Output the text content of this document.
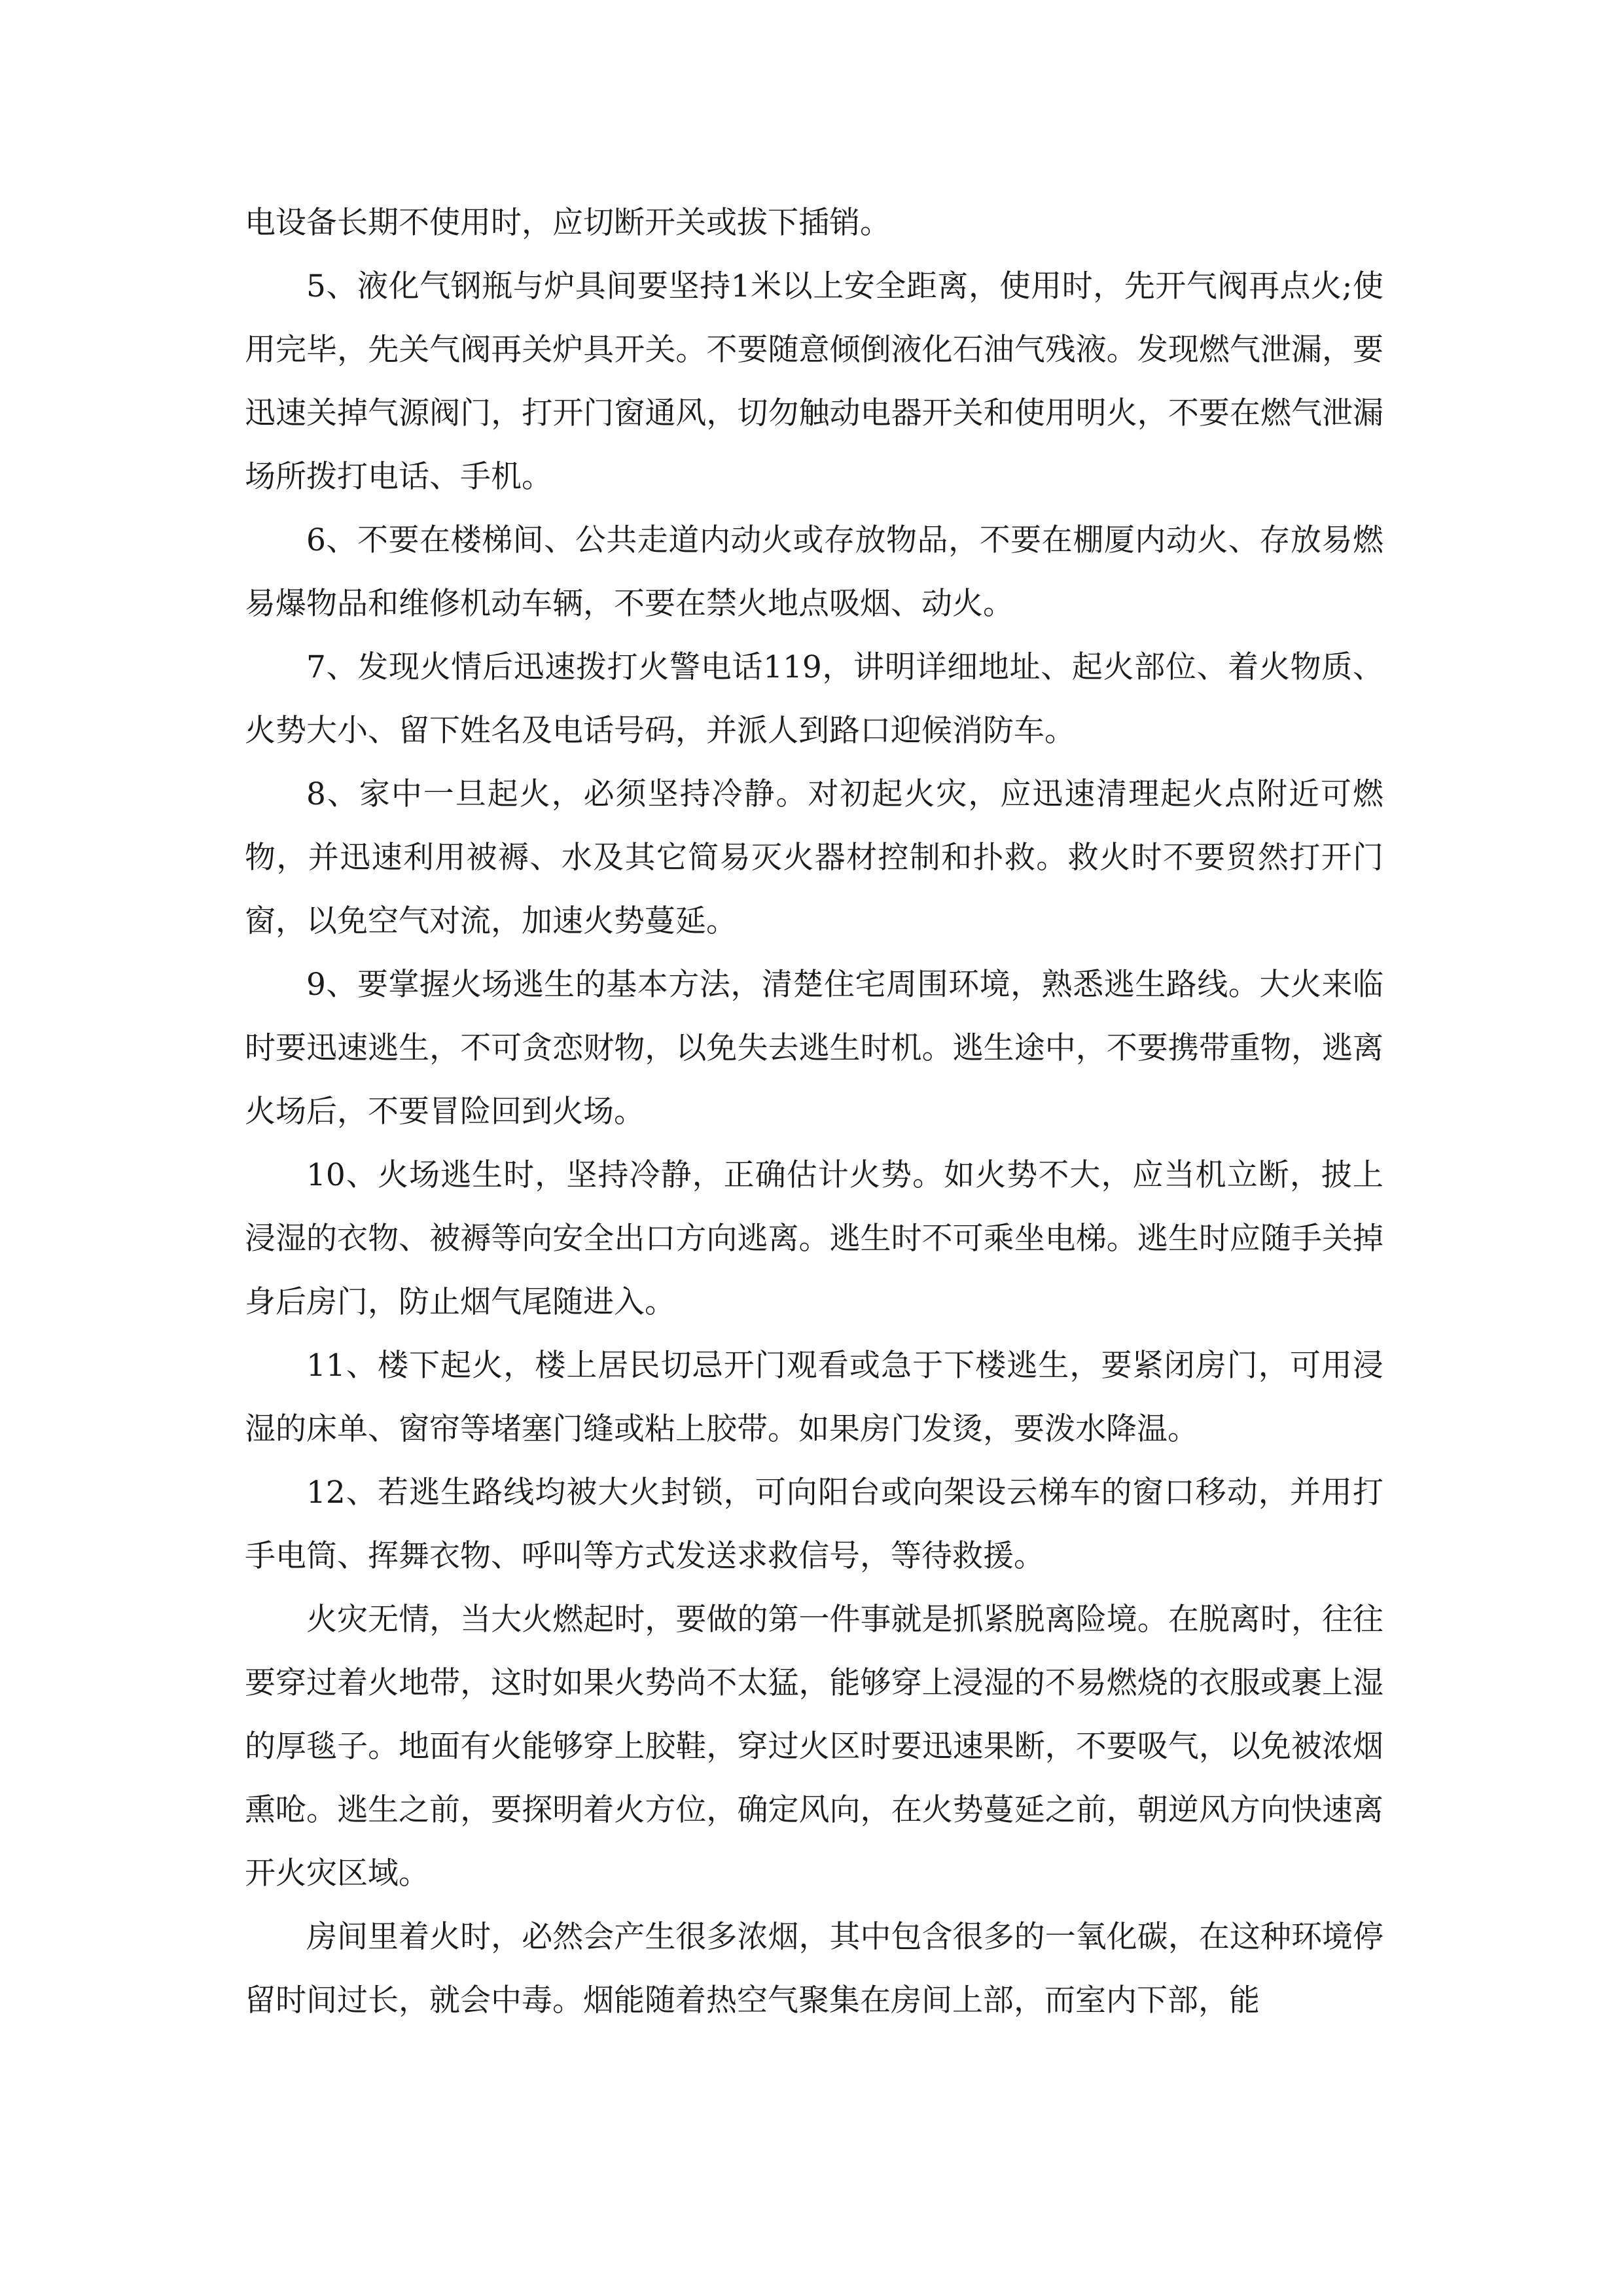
电设备长期不使用时，应切断开关或拔下插销。

5、液化气钢瓶与炉具间要坚持1米以上安全距离，使用时，先开气阀再点火;使用完毕，先关气阀再关炉具开关。不要随意倾倒液化石油气残液。发现燃气泄漏，要迅速关掉气源阀门，打开门窗通风，切勿触动电器开关和使用明火，不要在燃气泄漏场所拨打电话、手机。

6、不要在楼梯间、公共走道内动火或存放物品，不要在棚厦内动火、存放易燃易爆物品和维修机动车辆，不要在禁火地点吸烟、动火。

7、发现火情后迅速拨打火警电话119，讲明详细地址、起火部位、着火物质、火势大小、留下姓名及电话号码，并派人到路口迎候消防车。

8、家中一旦起火，必须坚持冷静。对初起火灾，应迅速清理起火点附近可燃物，并迅速利用被褥、水及其它简易灭火器材控制和扑救。救火时不要贸然打开门窗，以免空气对流，加速火势蔓延。

9、要掌握火场逃生的基本方法，清楚住宅周围环境，熟悉逃生路线。大火来临时要迅速逃生，不可贪恋财物，以免失去逃生时机。逃生途中，不要携带重物，逃离火场后，不要冒险回到火场。

10、火场逃生时，坚持冷静，正确估计火势。如火势不大，应当机立断，披上浸湿的衣物、被褥等向安全出口方向逃离。逃生时不可乘坐电梯。逃生时应随手关掉身后房门，防止烟气尾随进入。

11、楼下起火，楼上居民切忌开门观看或急于下楼逃生，要紧闭房门，可用浸湿的床单、窗帘等堵塞门缝或粘上胶带。如果房门发烫，要泼水降温。

12、若逃生路线均被大火封锁，可向阳台或向架设云梯车的窗口移动，并用打手电筒、挥舞衣物、呼叫等方式发送求救信号，等待救援。

火灾无情，当大火燃起时，要做的第一件事就是抓紧脱离险境。在脱离时，往往要穿过着火地带，这时如果火势尚不太猛，能够穿上浸湿的不易燃烧的衣服或裹上湿的厚毯子。地面有火能够穿上胶鞋，穿过火区时要迅速果断，不要吸气，以免被浓烟熏呛。逃生之前，要探明着火方位，确定风向，在火势蔓延之前，朝逆风方向快速离开火灾区域。

房间里着火时，必然会产生很多浓烟，其中包含很多的一氧化碳，在这种环境停留时间过长，就会中毒。烟能随着热空气聚集在房间上部，而室内下部，能
